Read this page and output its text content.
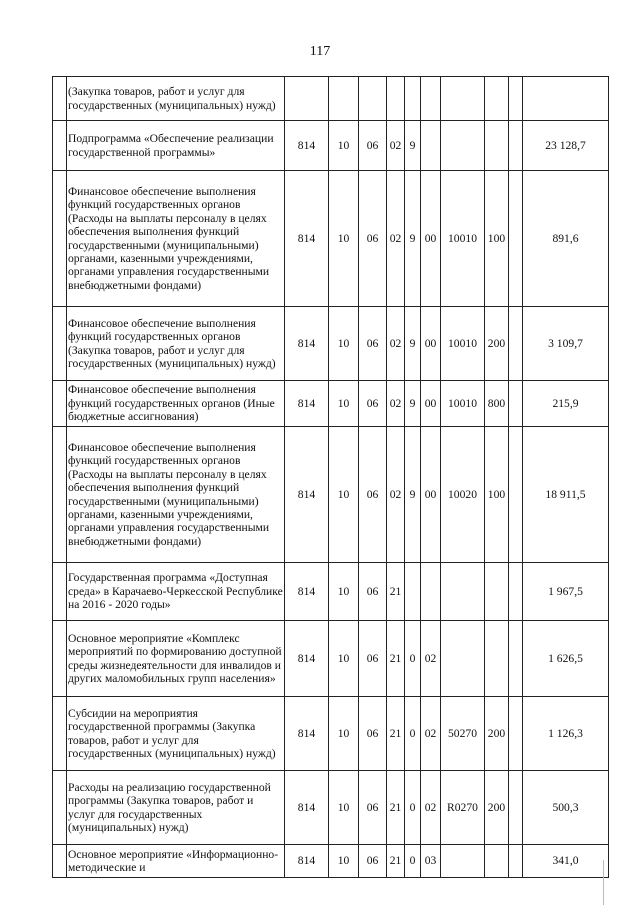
117
	(Закупка товаров, работ и услуг для государственных (муниципальных) нужд)										
	Подпрограмма «Обеспечение реализации государственной программы»	814	10	06	02	9					23 128,7
	Финансовое обеспечение выполнения функций государственных органов (Расходы на выплаты персоналу в целях обеспечения выполнения функций государственными (муниципальными) органами, казенными учреждениями, органами управления государственными внебюджетными фондами)	814	10	06	02	9	00	10010	100		891,6
	Финансовое обеспечение выполнения функций государственных органов (Закупка товаров, работ и услуг для государственных (муниципальных) нужд)	814	10	06	02	9	00	10010	200		3 109,7
	Финансовое обеспечение выполнения функций государственных органов (Иные бюджетные ассигнования)	814	10	06	02	9	00	10010	800		215,9
	Финансовое обеспечение выполнения функций государственных органов (Расходы на выплаты персоналу в целях обеспечения выполнения функций государственными (муниципальными) органами, казенными учреждениями, органами управления государственными внебюджетными фондами)	814	10	06	02	9	00	10020	100		18 911,5
	Государственная программа «Доступная среда» в Карачаево-Черкесской Республике на 2016 - 2020 годы»	814	10	06	21						1 967,5
	Основное мероприятие «Комплекс мероприятий по формированию доступной среды жизнедеятельности для инвалидов и других маломобильных групп населения»	814	10	06	21	0	02				1 626,5
	Субсидии на мероприятия государственной программы (Закупка товаров, работ и услуг для государственных (муниципальных) нужд)	814	10	06	21	0	02	50270	200		1 126,3
	Расходы на реализацию государственной программы (Закупка товаров, работ и услуг для государственных (муниципальных) нужд)	814	10	06	21	0	02	R0270	200		500,3
	Основное мероприятие «Информационно-методические и	814	10	06	21	0	03				341,0
